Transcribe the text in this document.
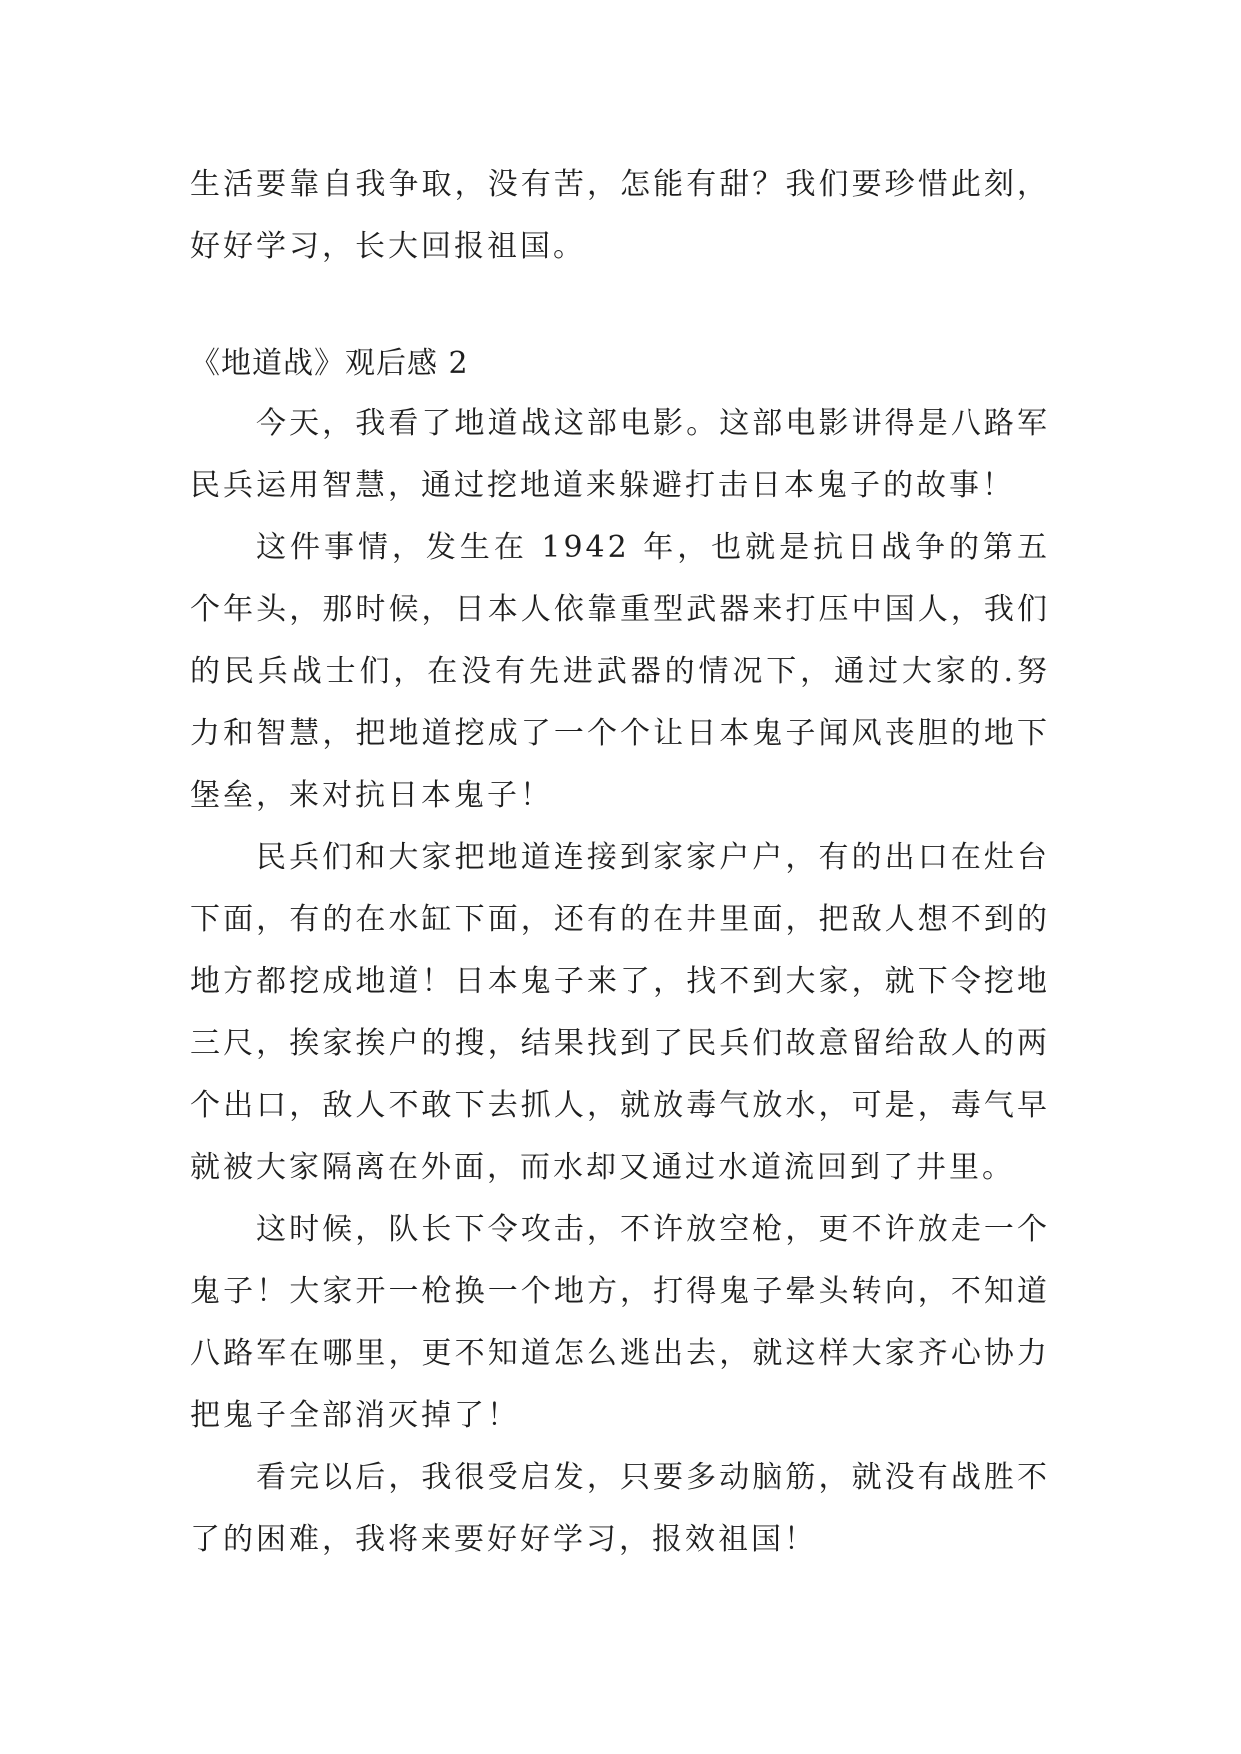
生活要靠自我争取，没有苦，怎能有甜？我们要珍惜此刻，好好学习，长大回报祖国。

《地道战》观后感 2

今天，我看了地道战这部电影。这部电影讲得是八路军民兵运用智慧，通过挖地道来躲避打击日本鬼子的故事！

这件事情，发生在 1942 年，也就是抗日战争的第五个年头，那时候，日本人依靠重型武器来打压中国人，我们的民兵战士们，在没有先进武器的情况下，通过大家的.努力和智慧，把地道挖成了一个个让日本鬼子闻风丧胆的地下堡垒，来对抗日本鬼子！

民兵们和大家把地道连接到家家户户，有的出口在灶台下面，有的在水缸下面，还有的在井里面，把敌人想不到的地方都挖成地道！日本鬼子来了，找不到大家，就下令挖地三尺，挨家挨户的搜，结果找到了民兵们故意留给敌人的两个出口，敌人不敢下去抓人，就放毒气放水，可是，毒气早就被大家隔离在外面，而水却又通过水道流回到了井里。

这时候，队长下令攻击，不许放空枪，更不许放走一个鬼子！大家开一枪换一个地方，打得鬼子晕头转向，不知道八路军在哪里，更不知道怎么逃出去，就这样大家齐心协力把鬼子全部消灭掉了！

看完以后，我很受启发，只要多动脑筋，就没有战胜不了的困难，我将来要好好学习，报效祖国！
